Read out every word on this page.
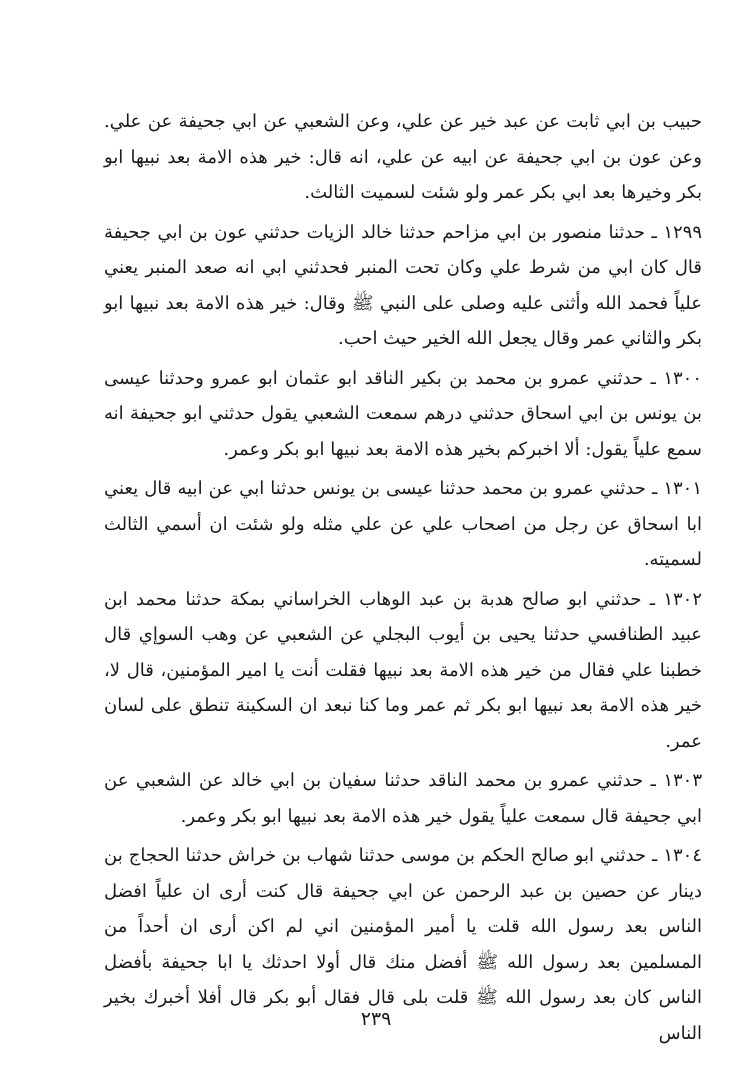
حبيب بن ابي ثابت عن عبد خير عن علي، وعن الشعبي عن ابي جحيفة عن علي. وعن عون بن ابي جحيفة عن ابيه عن علي، انه قال: خير هذه الامة بعد نبيها ابو بكر وخيرها بعد ابي بكر عمر ولو شئت لسميت الثالث.

١٢٩٩ ـ حدثنا منصور بن ابي مزاحم حدثنا خالد الزيات حدثني عون بن ابي جحيفة قال كان ابي من شرط علي وكان تحت المنبر فحدثني ابي انه صعد المنبر يعني علياً فحمد الله وأثنى عليه وصلى على النبي ﷺ وقال: خير هذه الامة بعد نبيها ابو بكر والثاني عمر وقال يجعل الله الخير حيث احب.

١٣٠٠ ـ حدثني عمرو بن محمد بن بكير الناقد ابو عثمان ابو عمرو وحدثنا عيسى بن يونس بن ابي اسحاق حدثني درهم سمعت الشعبي يقول حدثني ابو جحيفة انه سمع علياً يقول: ألا اخبركم بخير هذه الامة بعد نبيها ابو بكر وعمر.

١٣٠١ ـ حدثني عمرو بن محمد حدثنا عيسى بن يونس حدثنا ابي عن ابيه قال يعني ابا اسحاق عن رجل من اصحاب علي عن علي مثله ولو شئت ان أسمي الثالث لسميته.

١٣٠٢ ـ حدثني ابو صالح هدبة بن عبد الوهاب الخراساني بمكة حدثنا محمد ابن عبيد الطنافسي حدثنا يحيى بن أيوب البجلي عن الشعبي عن وهب السوإي قال خطبنا علي فقال من خير هذه الامة بعد نبيها فقلت أنت يا امير المؤمنين، قال لا، خير هذه الامة بعد نبيها ابو بكر ثم عمر وما كنا نبعد ان السكينة تنطق على لسان عمر.

١٣٠٣ ـ حدثني عمرو بن محمد الناقد حدثنا سفيان بن ابي خالد عن الشعبي عن ابي جحيفة قال سمعت علياً يقول خير هذه الامة بعد نبيها ابو بكر وعمر.

١٣٠٤ ـ حدثني ابو صالح الحكم بن موسى حدثنا شهاب بن خراش حدثنا الحجاج بن دينار عن حصين بن عبد الرحمن عن ابي جحيفة قال كنت أرى ان علياً افضل الناس بعد رسول الله قلت يا أمير المؤمنين اني لم اكن أرى ان أحداً من المسلمين بعد رسول الله ﷺ أفضل منك قال أولا احدثك يا ابا جحيفة بأفضل الناس كان بعد رسول الله ﷺ قلت بلى قال فقال أبو بكر قال أفلا أخبرك بخير الناس

٢٣٩
